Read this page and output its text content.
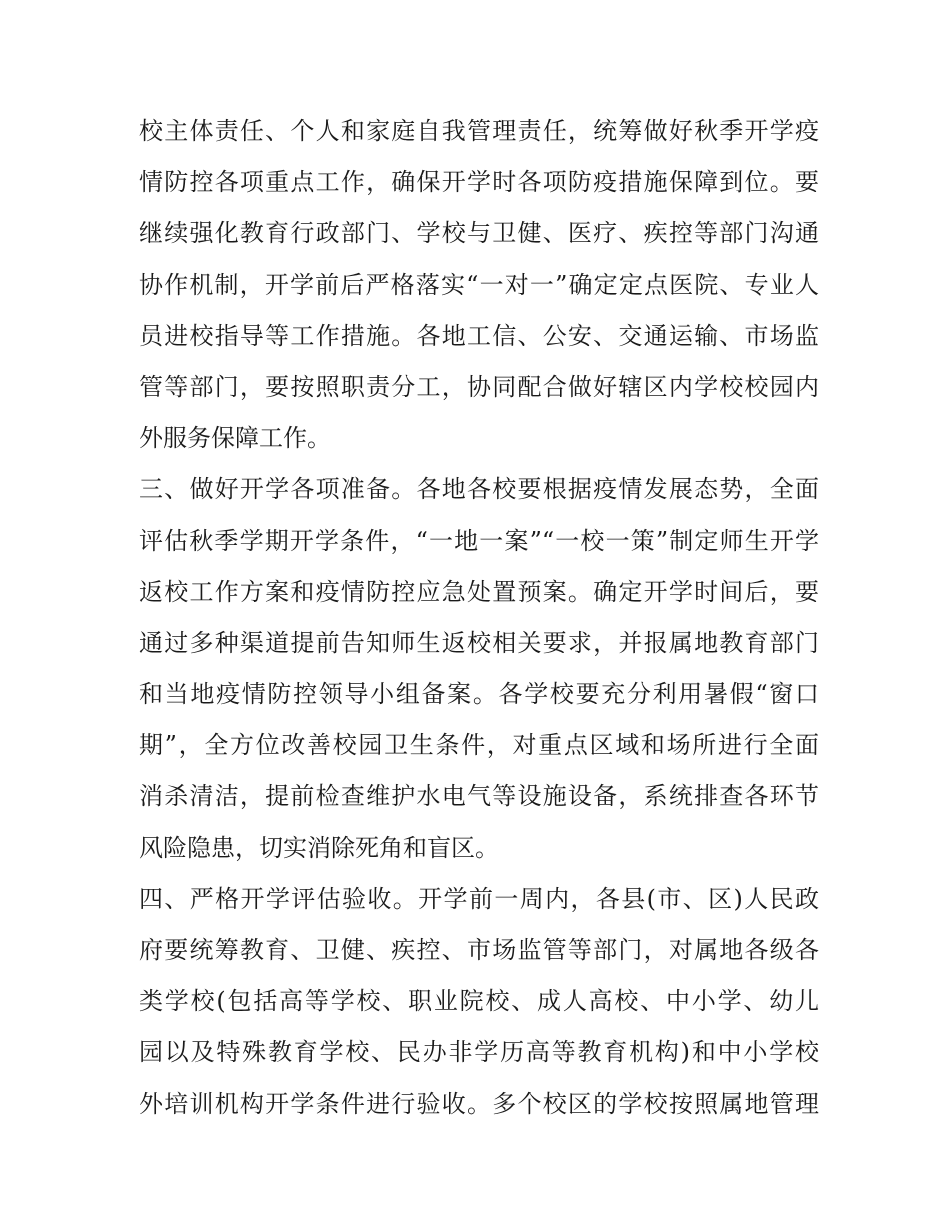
校主体责任、个人和家庭自我管理责任，统筹做好秋季开学疫
情防控各项重点工作，确保开学时各项防疫措施保障到位。要
继续强化教育行政部门、学校与卫健、医疗、疾控等部门沟通
协作机制，开学前后严格落实“一对一”确定定点医院、专业人
员进校指导等工作措施。各地工信、公安、交通运输、市场监
管等部门，要按照职责分工，协同配合做好辖区内学校校园内
外服务保障工作。
三、做好开学各项准备。各地各校要根据疫情发展态势，全面
评估秋季学期开学条件，“一地一案”“一校一策”制定师生开学
返校工作方案和疫情防控应急处置预案。确定开学时间后，要
通过多种渠道提前告知师生返校相关要求，并报属地教育部门
和当地疫情防控领导小组备案。各学校要充分利用暑假“窗口
期”，全方位改善校园卫生条件，对重点区域和场所进行全面
消杀清洁，提前检查维护水电气等设施设备，系统排查各环节
风险隐患，切实消除死角和盲区。
四、严格开学评估验收。开学前一周内，各县(市、区)人民政
府要统筹教育、卫健、疾控、市场监管等部门，对属地各级各
类学校(包括高等学校、职业院校、成人高校、中小学、幼儿
园以及特殊教育学校、民办非学历高等教育机构)和中小学校
外培训机构开学条件进行验收。多个校区的学校按照属地管理
